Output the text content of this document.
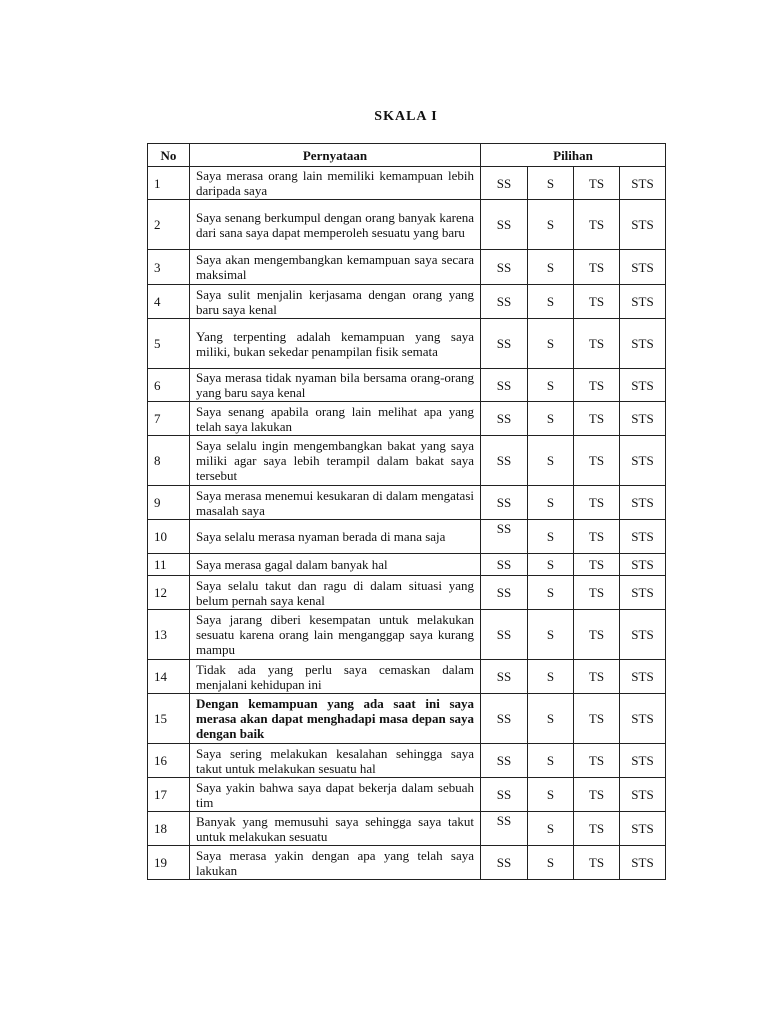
SKALA I
No	Pernyataan	Pilihan			
1	Saya merasa orang lain memiliki kemampuan lebih daripada saya	SS	S	TS	STS
2	Saya senang berkumpul dengan orang banyak karena dari sana saya dapat memperoleh sesuatu yang baru	SS	S	TS	STS
3	Saya akan mengembangkan kemampuan saya secara maksimal	SS	S	TS	STS
4	Saya sulit menjalin kerjasama dengan orang yang baru saya kenal	SS	S	TS	STS
5	Yang terpenting adalah kemampuan yang saya miliki, bukan sekedar penampilan fisik semata	SS	S	TS	STS
6	Saya merasa tidak nyaman bila bersama orang-orang yang baru saya kenal	SS	S	TS	STS
7	Saya senang apabila orang lain melihat apa yang telah saya lakukan	SS	S	TS	STS
8	Saya selalu ingin mengembangkan bakat yang saya miliki agar saya lebih terampil dalam bakat saya tersebut	SS	S	TS	STS
9	Saya merasa menemui kesukaran di dalam mengatasi masalah saya	SS	S	TS	STS
10	Saya selalu merasa nyaman berada di mana saja	SS	S	TS	STS
11	Saya merasa gagal dalam banyak hal	SS	S	TS	STS
12	Saya selalu takut dan ragu di dalam situasi yang belum pernah saya kenal	SS	S	TS	STS
13	Saya jarang diberi kesempatan untuk melakukan sesuatu karena orang lain menganggap saya kurang mampu	SS	S	TS	STS
14	Tidak ada yang perlu saya cemaskan dalam menjalani kehidupan ini	SS	S	TS	STS
15	Dengan kemampuan yang ada saat ini saya merasa akan dapat menghadapi masa depan saya dengan baik	SS	S	TS	STS
16	Saya sering melakukan kesalahan sehingga saya takut untuk melakukan sesuatu hal	SS	S	TS	STS
17	Saya yakin bahwa saya dapat bekerja dalam sebuah tim	SS	S	TS	STS
18	Banyak yang memusuhi saya sehingga saya takut untuk melakukan sesuatu	SS	S	TS	STS
19	Saya merasa yakin dengan apa yang telah saya lakukan	SS	S	TS	STS
